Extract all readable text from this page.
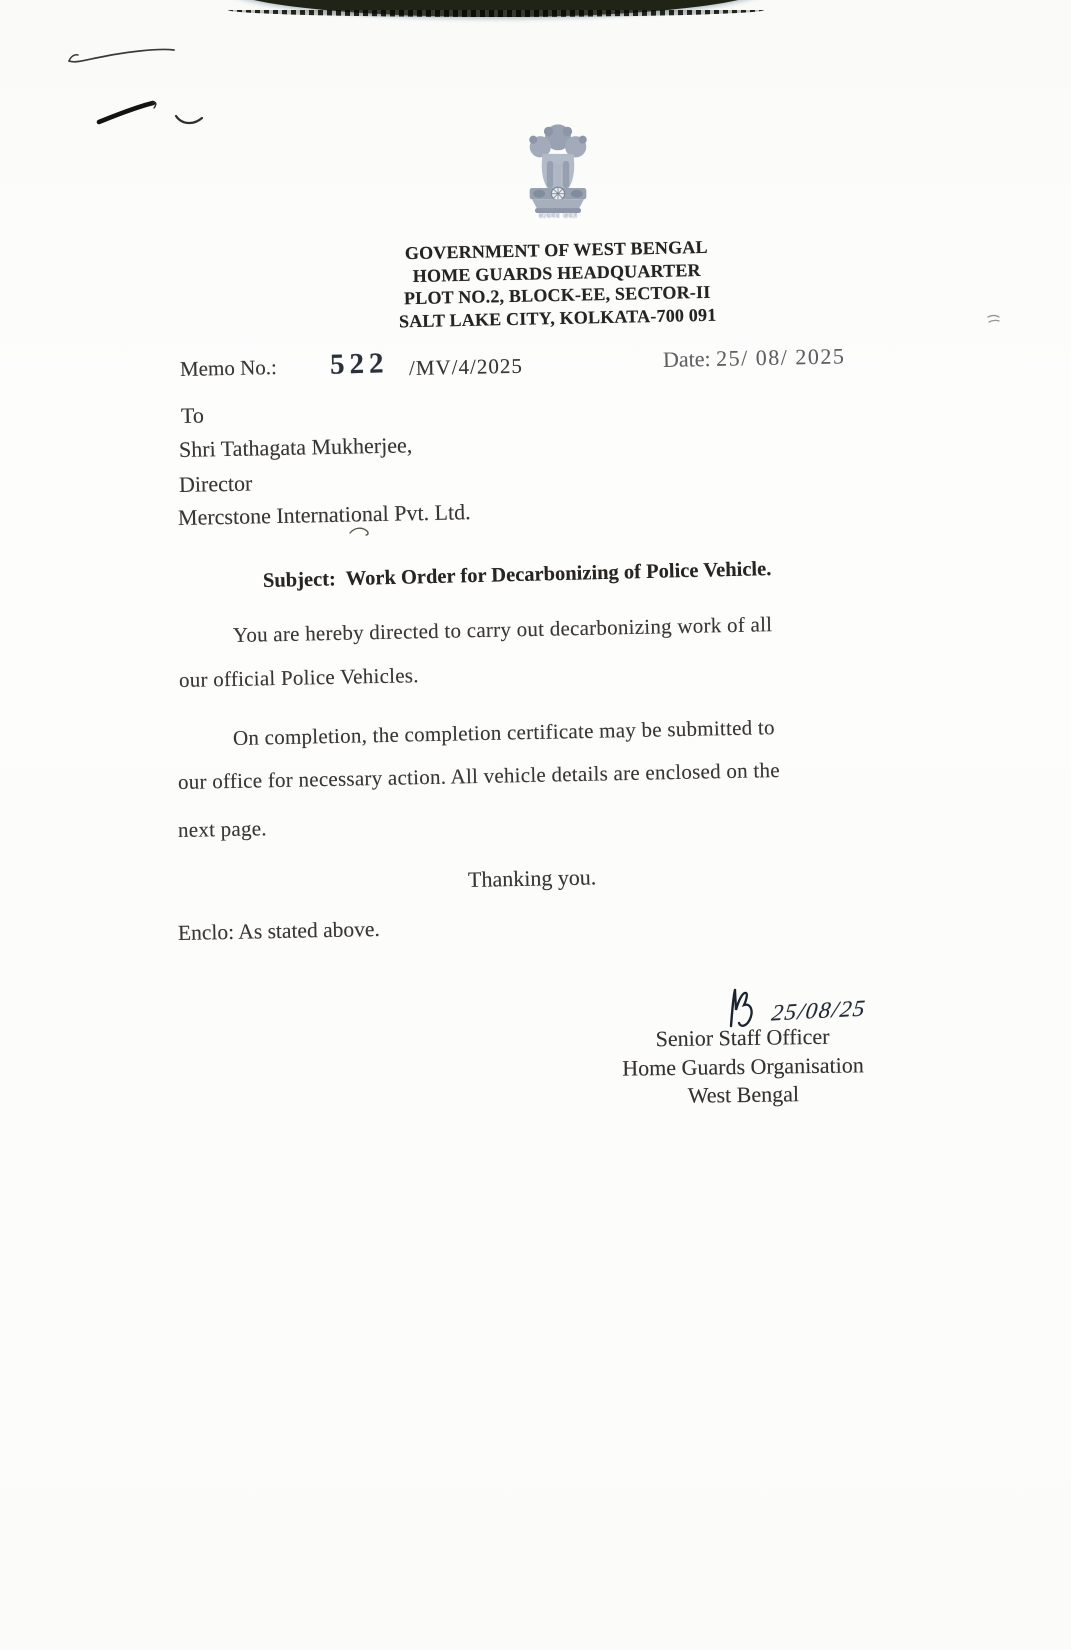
सत्यमेव जयते
GOVERNMENT OF WEST BENGAL
HOME GUARDS HEADQUARTER
PLOT NO.2, BLOCK-EE, SECTOR-II
SALT LAKE CITY, KOLKATA-700 091
Memo No.: 522 /MV/4/2025	Date: 25/ 08/ 2025
To
Shri Tathagata Mukherjee,
Director
Mercstone International Pvt. Ltd.
Subject: Work Order for Decarbonizing of Police Vehicle.
You are hereby directed to carry out decarbonizing work of all
our official Police Vehicles.
On completion, the completion certificate may be submitted to
our office for necessary action. All vehicle details are enclosed on the
next page.
Thanking you.
Enclo: As stated above.
25/08/25
Senior Staff Officer
Home Guards Organisation
West Bengal
